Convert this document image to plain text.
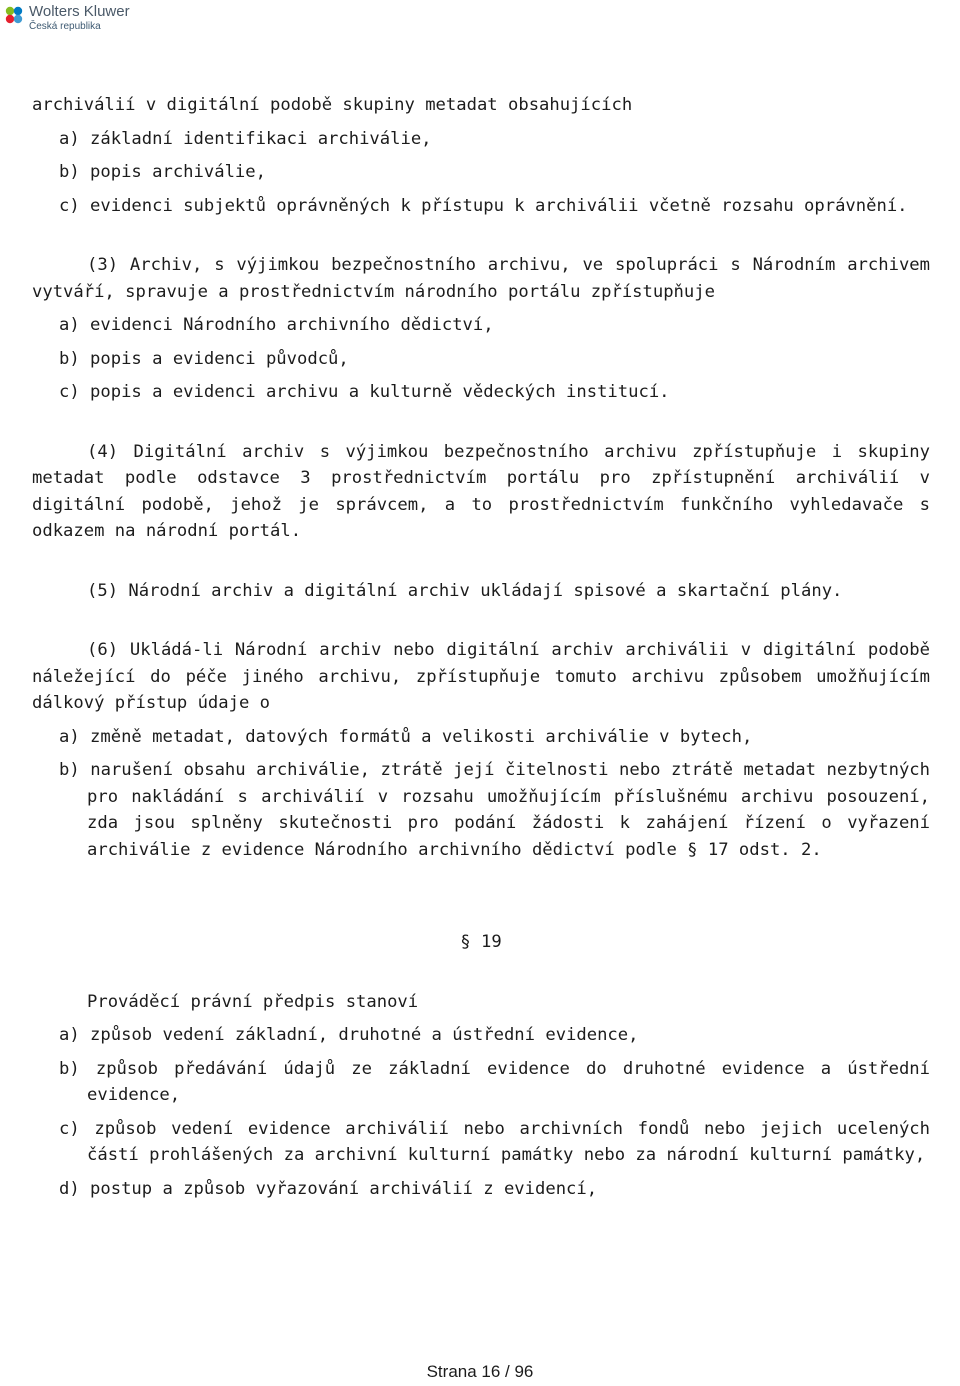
Wolters Kluwer
Česká republika

archiválií v digitální podobě skupiny metadat obsahujících

a) základní identifikaci archiválie,

b) popis archiválie,

c) evidenci subjektů oprávněných k přístupu k archiválii včetně rozsahu oprávnění.

(3) Archiv, s výjimkou bezpečnostního archivu, ve spolupráci s Národním archivem vytváří, spravuje a prostřednictvím národního portálu zpřístupňuje

a) evidenci Národního archivního dědictví,

b) popis a evidenci původců,

c) popis a evidenci archivu a kulturně vědeckých institucí.

(4) Digitální archiv s výjimkou bezpečnostního archivu zpřístupňuje i skupiny metadat podle odstavce 3 prostřednictvím portálu pro zpřístupnění archiválií v digitální podobě, jehož je správcem, a to prostřednictvím funkčního vyhledavače s odkazem na národní portál.

(5) Národní archiv a digitální archiv ukládají spisové a skartační plány.

(6) Ukládá-li Národní archiv nebo digitální archiv archiválii v digitální podobě náležející do péče jiného archivu, zpřístupňuje tomuto archivu způsobem umožňujícím dálkový přístup údaje o

a) změně metadat, datových formátů a velikosti archiválie v bytech,

b) narušení obsahu archiválie, ztrátě její čitelnosti nebo ztrátě metadat nezbytných pro nakládání s archiválií v rozsahu umožňujícím příslušnému archivu posouzení, zda jsou splněny skutečnosti pro podání žádosti k zahájení řízení o vyřazení archiválie z evidence Národního archivního dědictví podle § 17 odst. 2.

§ 19

Prováděcí právní předpis stanoví

a) způsob vedení základní, druhotné a ústřední evidence,

b) způsob předávání údajů ze základní evidence do druhotné evidence a ústřední evidence,

c) způsob vedení evidence archiválií nebo archivních fondů nebo jejich ucelených částí prohlášených za archivní kulturní památky nebo za národní kulturní památky,

d) postup a způsob vyřazování archiválií z evidencí,

Strana 16 / 96
